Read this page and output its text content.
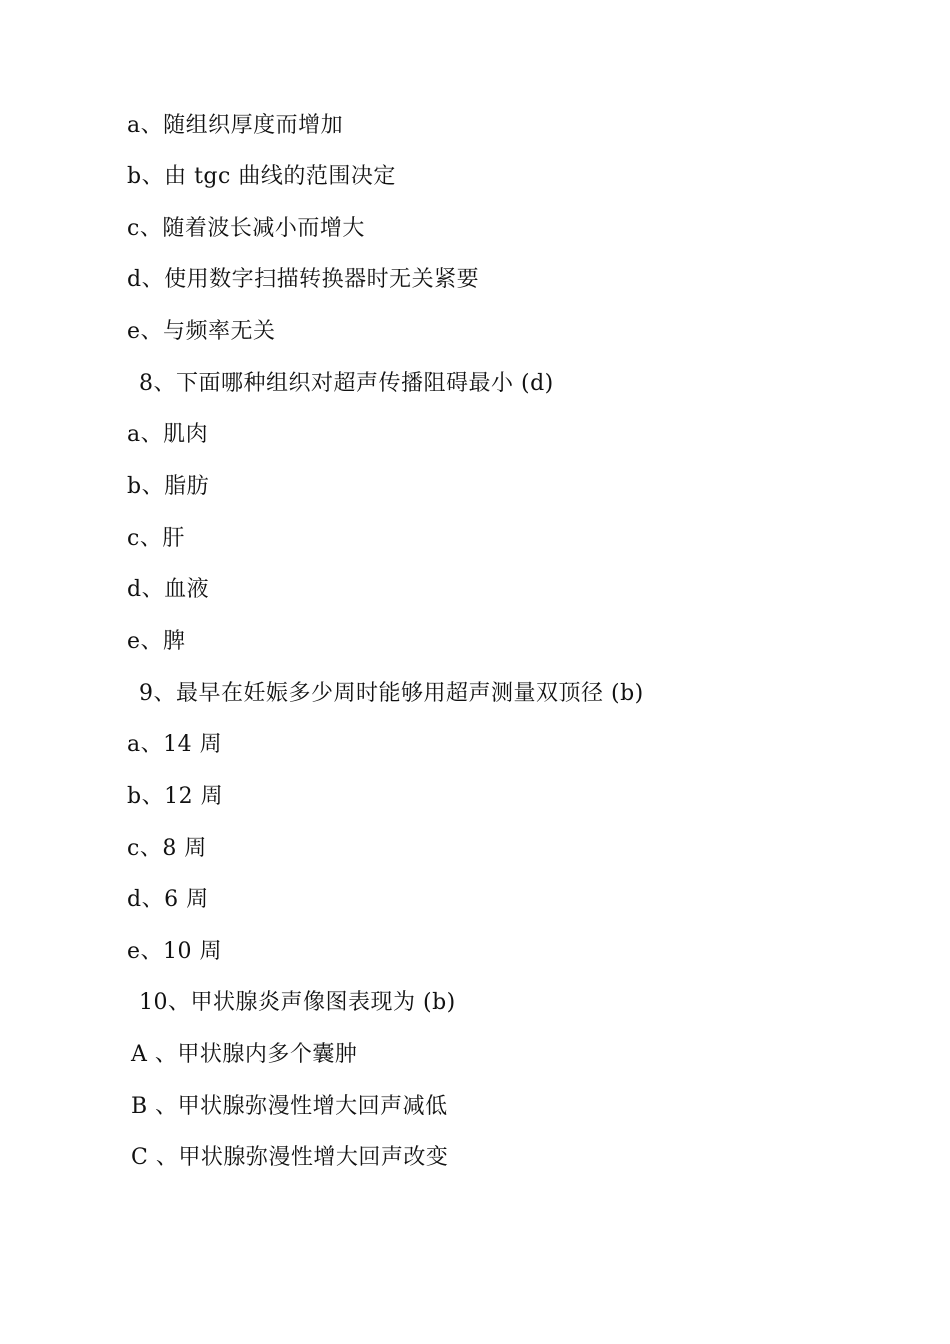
a、随组织厚度而增加
b、由 tgc 曲线的范围决定
c、随着波长减小而增大
d、使用数字扫描转换器时无关紧要
e、与频率无关
8、下面哪种组织对超声传播阻碍最小 (d)
a、肌肉
b、脂肪
c、肝
d、血液
e、脾
9、最早在妊娠多少周时能够用超声测量双顶径 (b)
a、14 周
b、12 周
c、8 周
d、6 周
e、10 周
10、甲状腺炎声像图表现为 (b)
A 、甲状腺内多个囊肿
B 、甲状腺弥漫性增大回声减低
C 、甲状腺弥漫性增大回声改变
